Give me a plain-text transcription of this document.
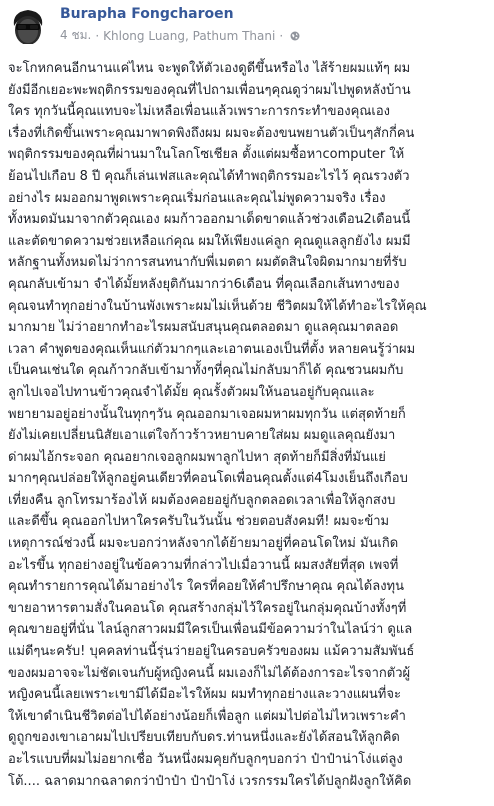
Burapha Fongcharoen
4 ชม. · Khlong Luang, Pathum Thani ·
จะโกหกคนอีกนานแค่ไหน จะพูดให้ตัวเองดูดีขึ้นหรือไง ไส้ร้ายผมแท้ๆ ผม
ยังมีอีกเยอะพะพฤติกรรมของคุณที่ไปถามเพื่อนๆคุณดูว่าผมไปพูดหลังบ้าน
ใคร ทุกวันนี้คุณแทบจะไม่เหลือเพื่อนแล้วเพราะการกระทำของคุณเอง
เรื่องที่เกิดขึ้นเพราะคุณมาพาดพิงถึงผม ผมจะต้องขนพยานตัวเป็นๆสักกี่คน
พฤติกรรมของคุณที่ผ่านมาในโลกโซเชียล ตั้งแต่ผมซื้อหาcomputer ให้
ย้อนไปเกือบ 8 ปี คุณก็เล่นเฟสและคุณได้ทำพฤติกรรมอะไรไว้ คุณรวงตัว
อย่างไร ผมออกมาพูดเพราะคุณเริ่มก่อนและคุณไม่พูดความจริง เรื่อง
ทั้งหมดมันมาจากตัวคุณเอง ผมก้าวออกมาเด็ดขาดแล้วช่วงเดือน2เดือนนี้
และตัดขาดความช่วยเหลือแก่คุณ ผมให้เพียงแค่ลูก คุณดูแลลูกยังไง ผมมี
หลักฐานทั้งหมดไม่ว่าการสนทนากับพี่เมตตา ผมตัดสินใจผิดมากมายที่รับ
คุณกลับเข้ามา จำได้มั้ยหลังยุติกันมากว่า6เดือน ที่คุณเลือกเส้นทางของ
คุณจนทำทุกอย่างในบ้านพังเพราะผมไม่เห็นด้วย ชีวิตผมให้ได้ทำอะไรให้คุณ
มากมาย ไม่ว่าอยากทำอะไรผมสนับสนุนคุณตลอดมา ดูแลคุณมาตลอด
เวลา คำพูดของคุณเห็นแก่ตัวมากๆและเอาตนเองเป็นที่ตั้ง หลายคนรู้ว่าผม
เป็นคนเช่นใด คุณก้าวกลับเข้ามาทั้งๆที่คุณไม่กลับมาก็ได้ คุณชวนผมกับ
ลูกไปเจอไปทานข้าวคุณจำได้มั้ย คุณรั้งตัวผมให้นอนอยู่กับคุณและ
พยายามอยู่อย่างนั้นในทุกๆวัน คุณออกมาเจอผมหาผมทุกวัน แต่สุดท้ายก็
ยังไม่เคยเปลี่ยนนิสัยเอาแต่ใจก้าวร้าวหยาบคายใส่ผม ผมดูแลคุณยังมา
ด่าผมไอ้กระจอก คุณอยากเจอลูกผมพาลูกไปหา สุดท้ายก็มีสิ่งที่มันแย่
มากๆคุณปล่อยให้ลูกอยู่คนเดียวที่คอนโดเพื่อนคุณตั้งแต่4โมงเย็นถึงเกือบ
เที่ยงคืน ลูกโทรมาร้องไห้ ผมต้องคอยอยู่กับลูกตลอดเวลาเพื่อให้ลูกสงบ
และดีขึ้น คุณออกไปหาใครครับในวันนั้น ช่วยตอบสังคมที! ผมจะข้าม
เหตุการณ์ช่วงนี้ ผมจะบอกว่าหลังจากได้ย้ายมาอยู่ที่คอนโดใหม่ มันเกิด
อะไรขึ้น ทุกอย่างอยู่ในข้อความที่กล่าวไปเมื่อวานนี้ ผมสงสัยที่สุด เพจที่
คุณทำรายการคุณได้มาอย่างไร ใครที่คอยให้คำปรึกษาคุณ คุณได้ลงทุน
ขายอาหารตามสั่งในคอนโด คุณสร้างกลุ่มไว้ใครอยู่ในกลุ่มคุณบ้างทั้งๆที่
คุณขายอยู่ที่นั่น ไลน์ลูกสาวผมมีใครเป็นเพื่อนมีข้อความว่าในไลน์ว่า ดูแล
แม่ดีๆนะครับ! บุคคลท่านนี้รุ่นว่ายอยู่ในครอบครัวของผม แม้ความสัมพันธ์
ของผมอาจจะไม่ชัดเจนกับผู้หญิงคนนี้ ผมเองก็ไม่ได้ต้องการอะไรจากตัวผู้
หญิงคนนี้เลยเพราะเขามีได้มีอะไรให้ผม ผมทำทุกอย่างและวางแผนที่จะ
ให้เขาดำเนินชีวิตต่อไปได้อย่างน้อยก็เพื่อลูก แต่ผมไปต่อไม่ไหวเพราะคำ
ดูถูกของเขาเอาผมไปเปรียบเทียบกับดร.ท่านหนึ่งและยังได้สอนให้ลูกคิด
อะไรแบบที่ผมไม่อยากเชื่อ วันหนึ่งผมคุยกับลูกๆบอกว่า ป๋าป๋าน่าโง่แต่ลูง
โต้.... ฉลาดมากฉลาดกว่าป๋าป๋า ป๋าป๋าโง่ เวรกรรมใครได้ปลูกฝังลูกให้คิด
